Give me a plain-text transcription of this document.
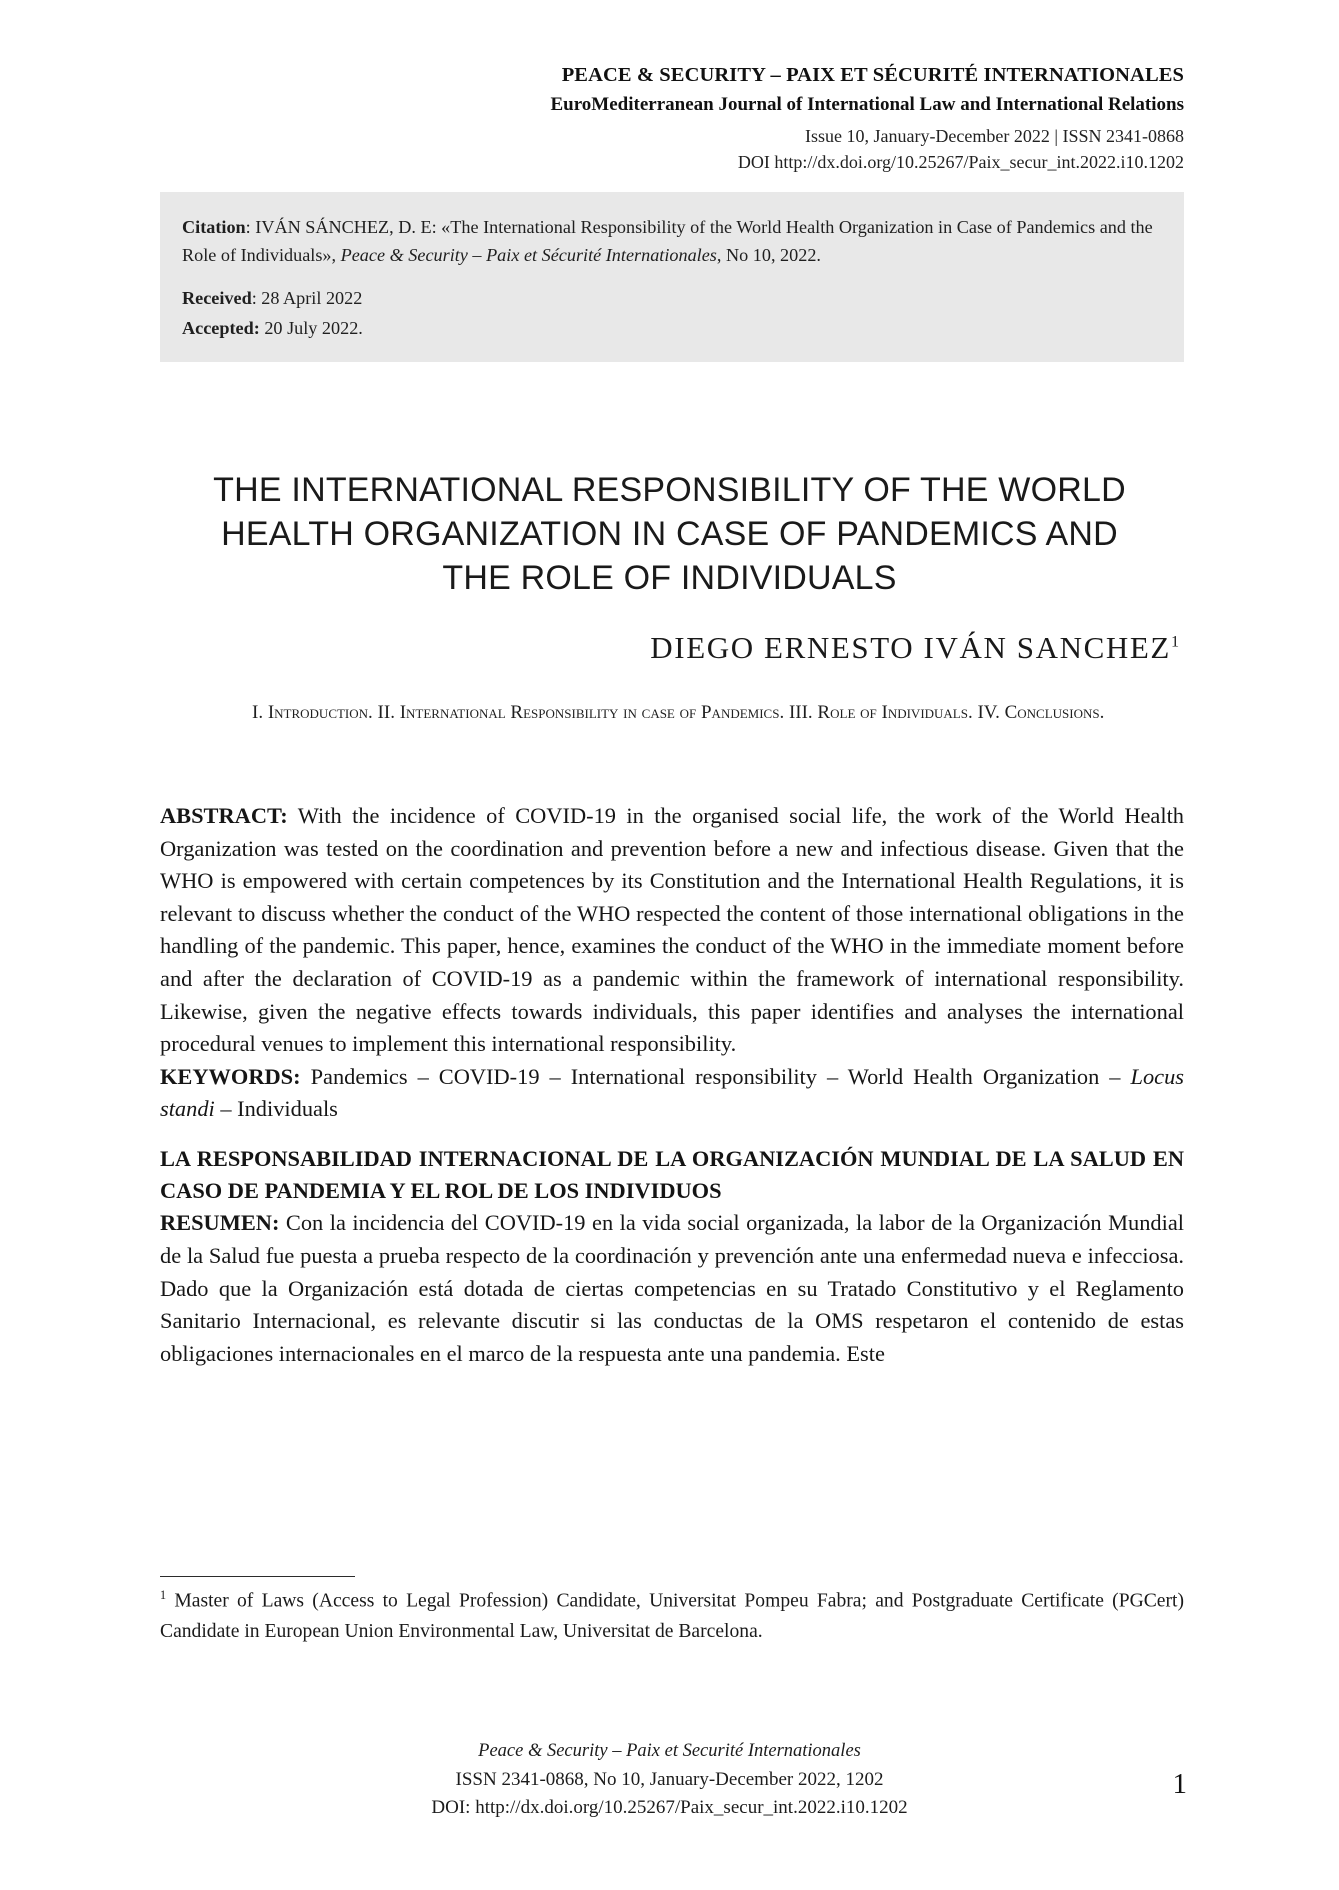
PEACE & SECURITY – PAIX ET SÉCURITÉ INTERNATIONALES
EuroMediterranean Journal of International Law and International Relations
Issue 10, January-December 2022 | ISSN 2341-0868
DOI http://dx.doi.org/10.25267/Paix_secur_int.2022.i10.1202
Citation: IVÁN SÁNCHEZ, D. E: «The International Responsibility of the World Health Organization in Case of Pandemics and the Role of Individuals», Peace & Security – Paix et Sécurité Internationales, No 10, 2022.
Received: 28 April 2022
Accepted: 20 July 2022.
THE INTERNATIONAL RESPONSIBILITY OF THE WORLD HEALTH ORGANIZATION IN CASE OF PANDEMICS AND THE ROLE OF INDIVIDUALS
DIEGO ERNESTO IVÁN SANCHEZ$^1$
I. Introduction. II. International Responsibility in case of Pandemics. III. Role of Individuals. IV. Conclusions.

ABSTRACT: With the incidence of COVID-19 in the organised social life, the work of the World Health Organization was tested on the coordination and prevention before a new and infectious disease. Given that the WHO is empowered with certain competences by its Constitution and the International Health Regulations, it is relevant to discuss whether the conduct of the WHO respected the content of those international obligations in the handling of the pandemic. This paper, hence, examines the conduct of the WHO in the immediate moment before and after the declaration of COVID-19 as a pandemic within the framework of international responsibility. Likewise, given the negative effects towards individuals, this paper identifies and analyses the international procedural venues to implement this international responsibility.

KEYWORDS: Pandemics – COVID-19 – International responsibility – World Health Organization – Locus standi – Individuals

LA RESPONSABILIDAD INTERNACIONAL DE LA ORGANIZACIÓN MUNDIAL DE LA SALUD EN CASO DE PANDEMIA Y EL ROL DE LOS INDIVIDUOS

RESUMEN: Con la incidencia del COVID-19 en la vida social organizada, la labor de la Organización Mundial de la Salud fue puesta a prueba respecto de la coordinación y prevención ante una enfermedad nueva e infecciosa. Dado que la Organización está dotada de ciertas competencias en su Tratado Constitutivo y el Reglamento Sanitario Internacional, es relevante discutir si las conductas de la OMS respetaron el contenido de estas obligaciones internacionales en el marco de la respuesta ante una pandemia. Este

$^1$ Master of Laws (Access to Legal Profession) Candidate, Universitat Pompeu Fabra; and Postgraduate Certificate (PGCert) Candidate in European Union Environmental Law, Universitat de Barcelona.
Peace & Security – Paix et Securité Internationales
ISSN 2341-0868, No 10, January-December 2022, 1202
DOI: http://dx.doi.org/10.25267/Paix_secur_int.2022.i10.1202
1
